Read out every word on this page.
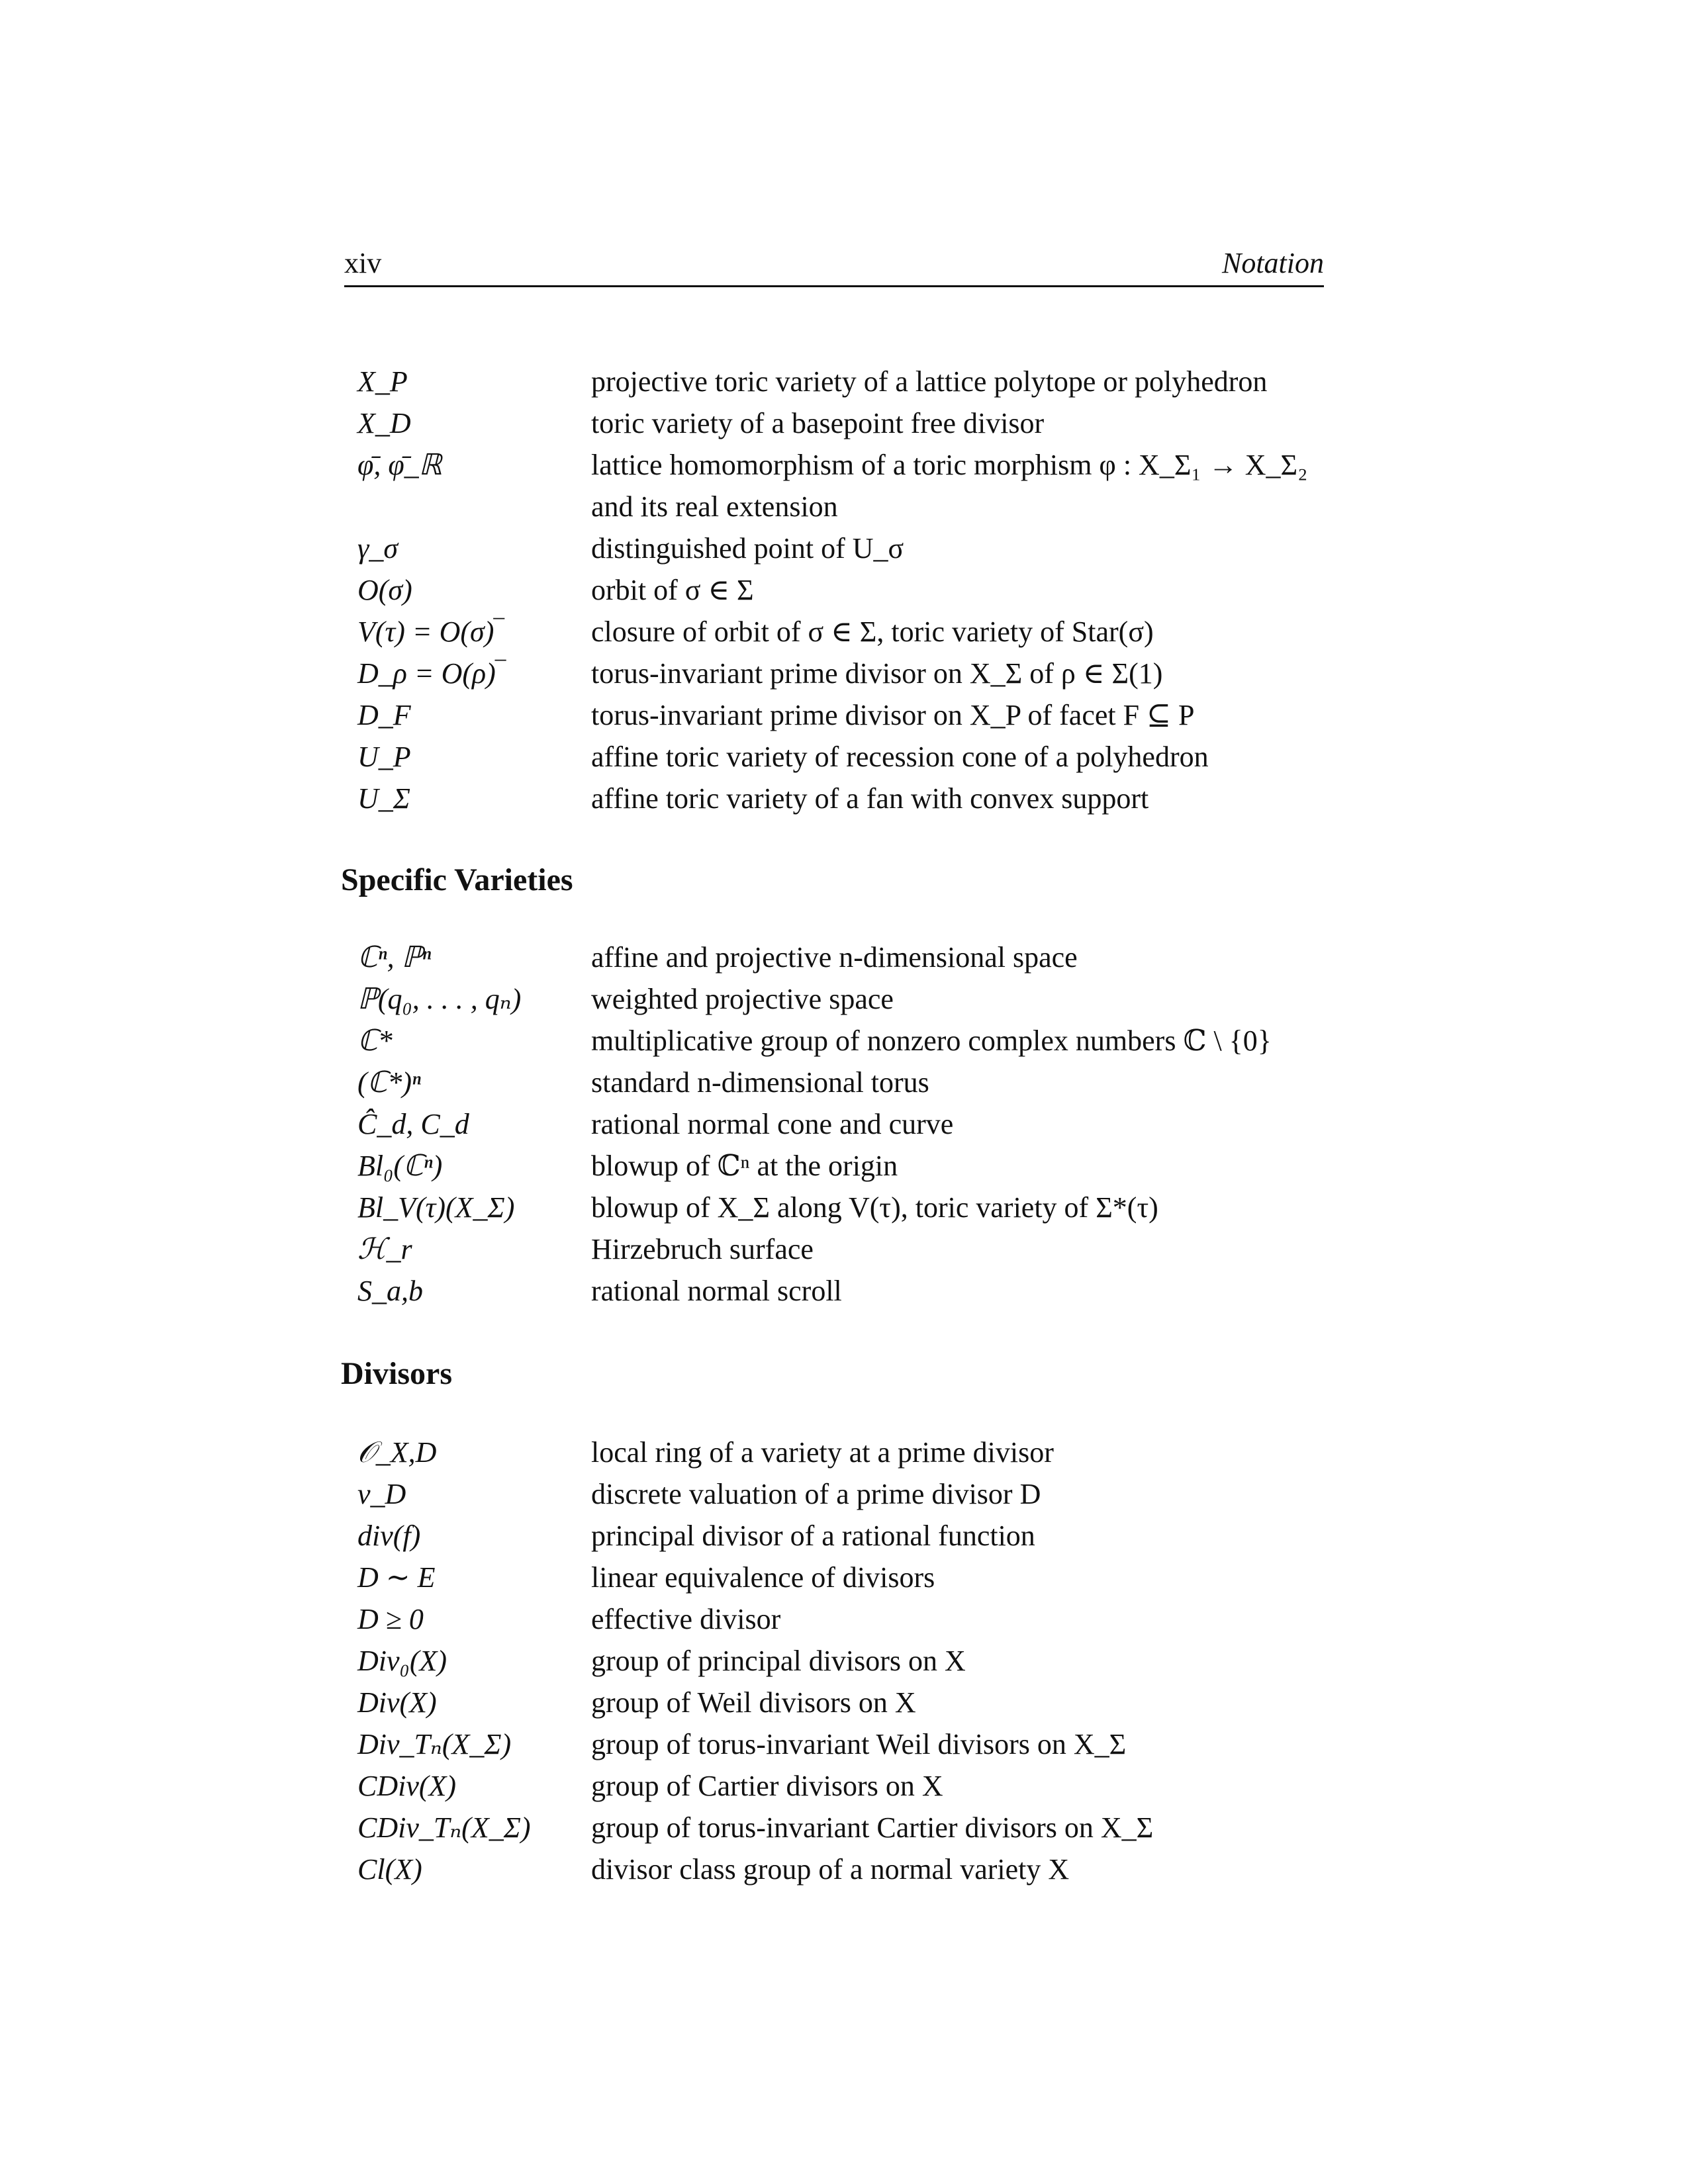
xiv	Notation
X_P	projective toric variety of a lattice polytope or polyhedron
X_D	toric variety of a basepoint free divisor
φ̄, φ̄_ℝ	lattice homomorphism of a toric morphism φ : X_Σ₁ → X_Σ₂ and its real extension
γ_σ	distinguished point of U_σ
O(σ)	orbit of σ ∈ Σ
V(τ) = O(σ)‾	closure of orbit of σ ∈ Σ, toric variety of Star(σ)
D_ρ = O(ρ)‾	torus-invariant prime divisor on X_Σ of ρ ∈ Σ(1)
D_F	torus-invariant prime divisor on X_P of facet F ⊆ P
U_P	affine toric variety of recession cone of a polyhedron
U_Σ	affine toric variety of a fan with convex support
Specific Varieties
ℂⁿ, ℙⁿ	affine and projective n-dimensional space
ℙ(q₀, . . . , qₙ) weighted projective space
ℂ*	multiplicative group of nonzero complex numbers ℂ \ {0}
(ℂ*)ⁿ	standard n-dimensional torus
Ĉ_d, C_d	rational normal cone and curve
Bl₀(ℂⁿ)	blowup of ℂⁿ at the origin
Bl_V(τ)(X_Σ)	blowup of X_Σ along V(τ), toric variety of Σ*(τ)
ℋ_r	Hirzebruch surface
S_a,b	rational normal scroll
Divisors
𝒪_X,D	local ring of a variety at a prime divisor
ν_D	discrete valuation of a prime divisor D
div(f)	principal divisor of a rational function
D ∼ E	linear equivalence of divisors
D ≥ 0	effective divisor
Div₀(X)	group of principal divisors on X
Div(X)	group of Weil divisors on X
Div_Tₙ(X_Σ)	group of torus-invariant Weil divisors on X_Σ
CDiv(X)	group of Cartier divisors on X
CDiv_Tₙ(X_Σ) group of torus-invariant Cartier divisors on X_Σ
Cl(X)	divisor class group of a normal variety X
